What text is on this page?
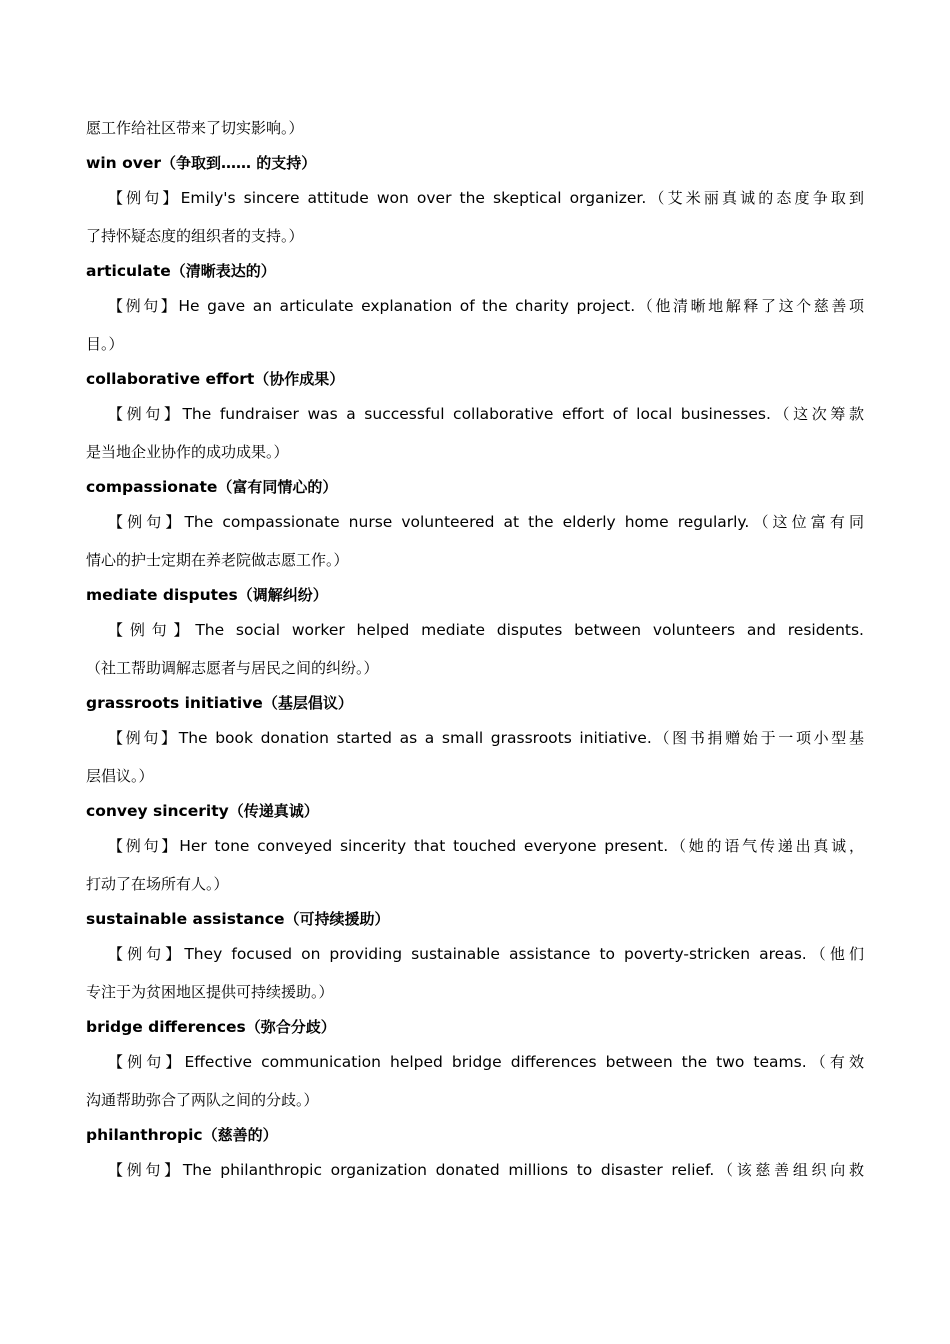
愿工作给社区带来了切实影响。）
win over（争取到…… 的支持）
【例句】Emily's sincere attitude won over the skeptical organizer.（艾米丽真诚的态度争取到
了持怀疑态度的组织者的支持。）
articulate（清晰表达的）
【例句】He gave an articulate explanation of the charity project.（他清晰地解释了这个慈善项
目。）
collaborative effort（协作成果）
【例句】The fundraiser was a successful collaborative effort of local businesses.（这次筹款
是当地企业协作的成功成果。）
compassionate（富有同情心的）
【例句】The compassionate nurse volunteered at the elderly home regularly.（这位富有同
情心的护士定期在养老院做志愿工作。）
mediate disputes（调解纠纷）
【例句】The social worker helped mediate disputes between volunteers and residents.
（社工帮助调解志愿者与居民之间的纠纷。）
grassroots initiative（基层倡议）
【例句】The book donation started as a small grassroots initiative.（图书捐赠始于一项小型基
层倡议。）
convey sincerity（传递真诚）
【例句】Her tone conveyed sincerity that touched everyone present.（她的语气传递出真诚，
打动了在场所有人。）
sustainable assistance（可持续援助）
【例句】They focused on providing sustainable assistance to poverty-stricken areas.（他们
专注于为贫困地区提供可持续援助。）
bridge differences（弥合分歧）
【例句】Effective communication helped bridge differences between the two teams.（有效
沟通帮助弥合了两队之间的分歧。）
philanthropic（慈善的）
【例句】The philanthropic organization donated millions to disaster relief.（该慈善组织向救
